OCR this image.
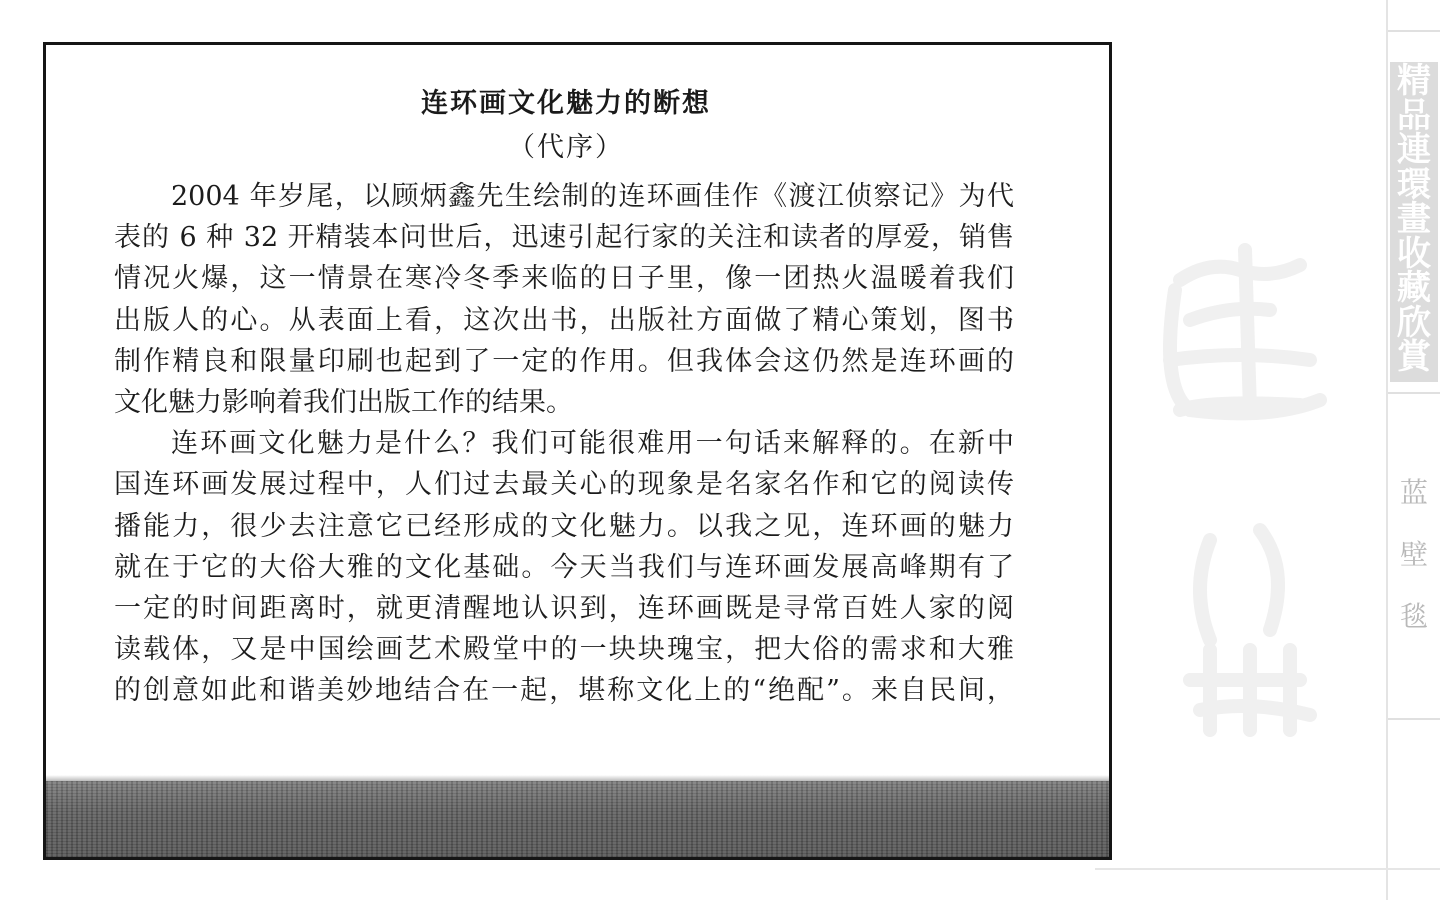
精
品
連
環
畫
收
藏
欣
賞
蓝
壁
毯
连环画文化魅力的断想
（代序）
2004 年岁尾，以顾炳鑫先生绘制的连环画佳作《渡江侦察记》为代
表的 6 种 32 开精装本问世后，迅速引起行家的关注和读者的厚爱，销售
情况火爆，这一情景在寒冷冬季来临的日子里，像一团热火温暖着我们
出版人的心。从表面上看，这次出书，出版社方面做了精心策划，图书
制作精良和限量印刷也起到了一定的作用。但我体会这仍然是连环画的
文化魅力影响着我们出版工作的结果。
连环画文化魅力是什么？我们可能很难用一句话来解释的。在新中
国连环画发展过程中，人们过去最关心的现象是名家名作和它的阅读传
播能力，很少去注意它已经形成的文化魅力。以我之见，连环画的魅力
就在于它的大俗大雅的文化基础。今天当我们与连环画发展高峰期有了
一定的时间距离时，就更清醒地认识到，连环画既是寻常百姓人家的阅
读载体，又是中国绘画艺术殿堂中的一块块瑰宝，把大俗的需求和大雅
的创意如此和谐美妙地结合在一起，堪称文化上的“绝配”。来自民间，
